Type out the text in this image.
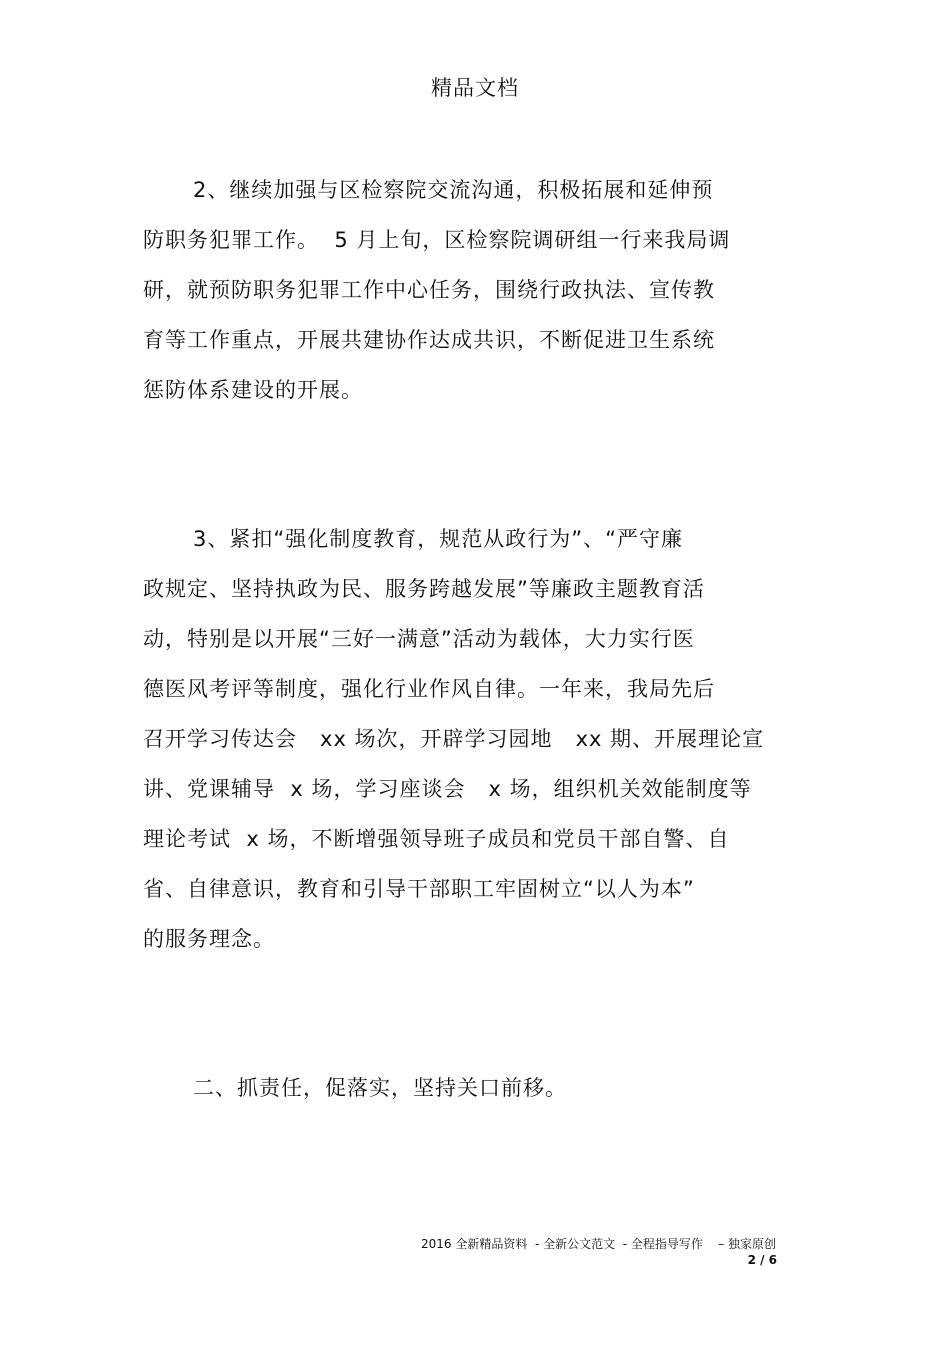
精品文档
2、继续加强与区检察院交流沟通，积极拓展和延伸预
防职务犯罪工作。  5 月上旬，区检察院调研组一行来我局调
研，就预防职务犯罪工作中心任务，围绕行政执法、宣传教
育等工作重点，开展共建协作达成共识，不断促进卫生系统
惩防体系建设的开展。
3、紧扣“强化制度教育，规范从政行为”、“严守廉
政规定、坚持执政为民、服务跨越发展”等廉政主题教育活
动，特别是以开展“三好一满意”活动为载体，大力实行医
德医风考评等制度，强化行业作风自律。一年来，我局先后
召开学习传达会   xx 场次，开辟学习园地   xx 期、开展理论宣
讲、党课辅导  x 场，学习座谈会   x 场，组织机关效能制度等
理论考试  x 场，不断增强领导班子成员和党员干部自警、自
省、自律意识，教育和引导干部职工牢固树立“以人为本”
的服务理念。
二、抓责任，促落实，坚持关口前移。
2016 全新精品资料  - 全新公文范文  - 全程指导写作    – 独家原创
2 / 6
